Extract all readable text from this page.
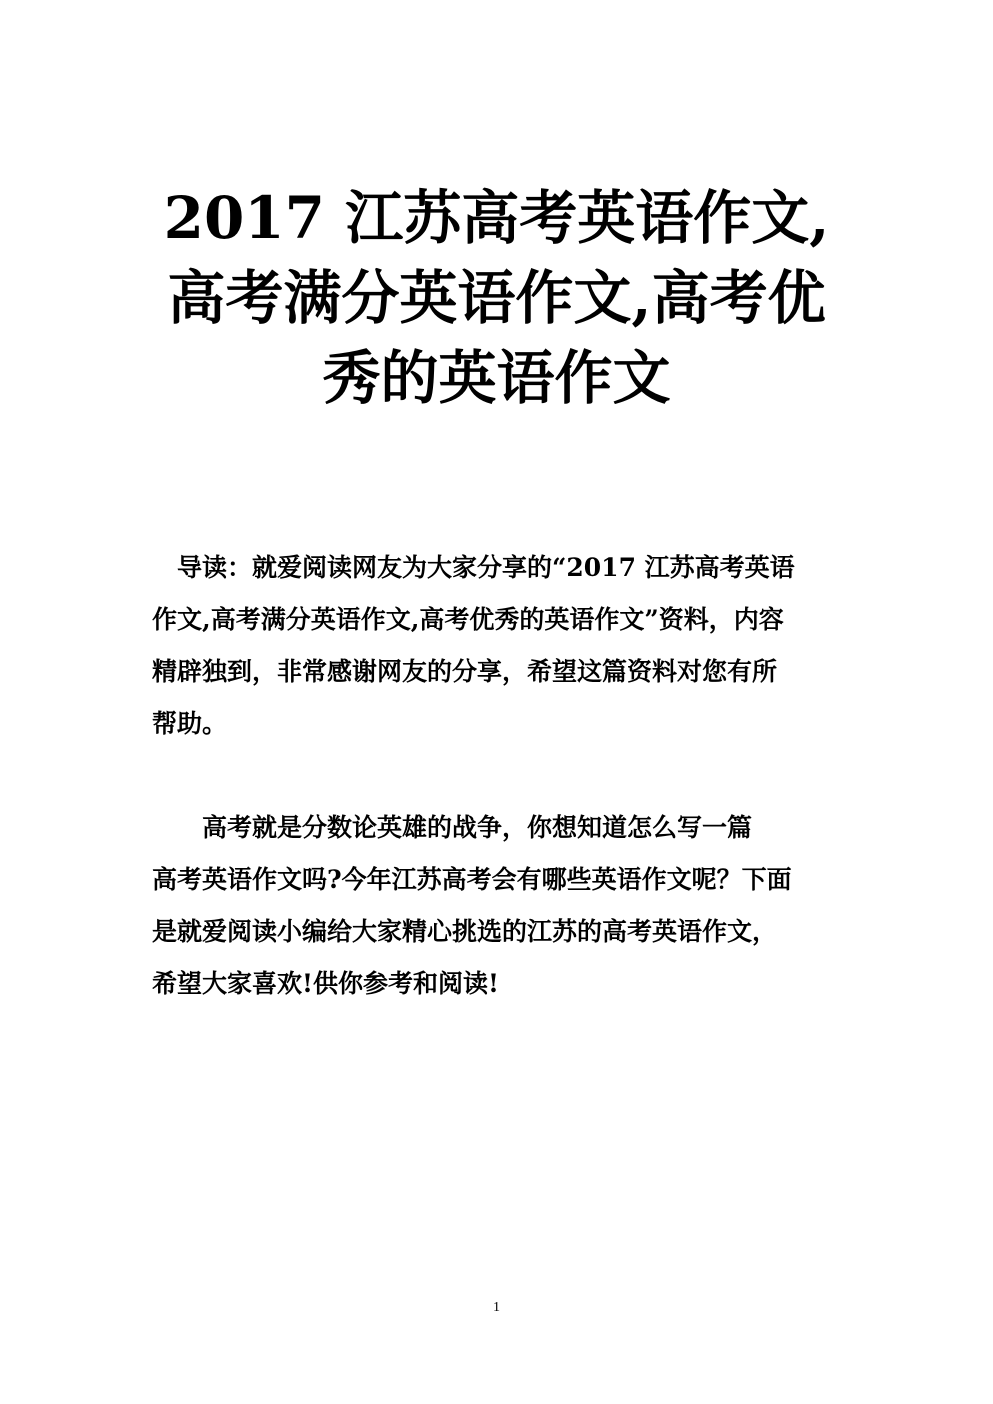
2017 江苏高考英语作文,
高考满分英语作文,高考优
秀的英语作文
　导读：就爱阅读网友为大家分享的“2017 江苏高考英语
作文,高考满分英语作文,高考优秀的英语作文”资料，内容
精辟独到，非常感谢网友的分享，希望这篇资料对您有所
帮助。
　　高考就是分数论英雄的战争，你想知道怎么写一篇
高考英语作文吗?今年江苏高考会有哪些英语作文呢？下面
是就爱阅读小编给大家精心挑选的江苏的高考英语作文，
希望大家喜欢!供你参考和阅读!
1
